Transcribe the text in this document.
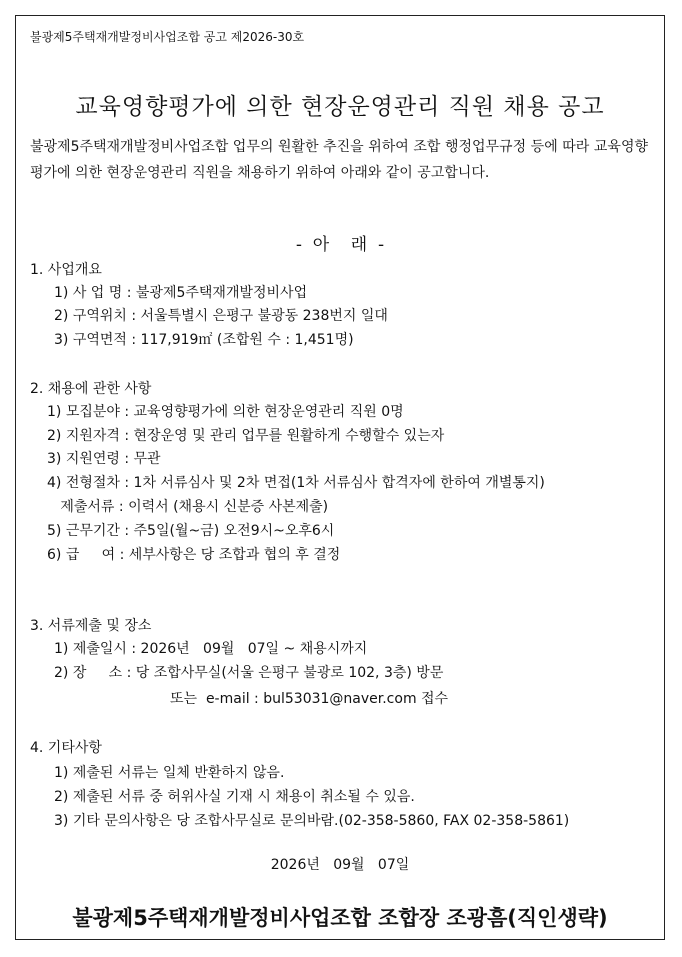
불광제5주택재개발정비사업조합 공고 제2026-30호
교육영향평가에 의한 현장운영관리 직원 채용 공고
불광제5주택재개발정비사업조합 업무의 원활한 추진을 위하여 조합 행정업무규정 등에 따라 교육영향평가에 의한 현장운영관리 직원을 채용하기 위하여 아래와 같이 공고합니다.
-  아    래  -
1. 사업개요
1) 사 업 명 : 불광제5주택재개발정비사업
2) 구역위치 : 서울특별시 은평구 불광동 238번지 일대
3) 구역면적 : 117,919㎡ (조합원 수 : 1,451명)
2. 채용에 관한 사항
1) 모집분야 : 교육영향평가에 의한 현장운영관리 직원 0명
2) 지원자격 : 현장운영 및 관리 업무를 원활하게 수행할수 있는자
3) 지원연령 : 무관
4) 전형절차 : 1차 서류심사 및 2차 면접(1차 서류심사 합격자에 한하여 개별통지)
제출서류 : 이력서 (채용시 신분증 사본제출)
5) 근무기간 : 주5일(월~금) 오전9시~오후6시
6) 급     여 : 세부사항은 당 조합과 협의 후 결정
3. 서류제출 및 장소
1) 제출일시 : 2026년   09월   07일 ~ 채용시까지
2) 장     소 : 당 조합사무실(서울 은평구 불광로 102, 3층) 방문
또는  e-mail : bul53031@naver.com 접수
4. 기타사항
1) 제출된 서류는 일체 반환하지 않음.
2) 제출된 서류 중 허위사실 기재 시 채용이 취소될 수 있음.
3) 기타 문의사항은 당 조합사무실로 문의바람.(02-358-5860, FAX 02-358-5861)
2026년   09월   07일
불광제5주택재개발정비사업조합 조합장 조광흠(직인생략)
